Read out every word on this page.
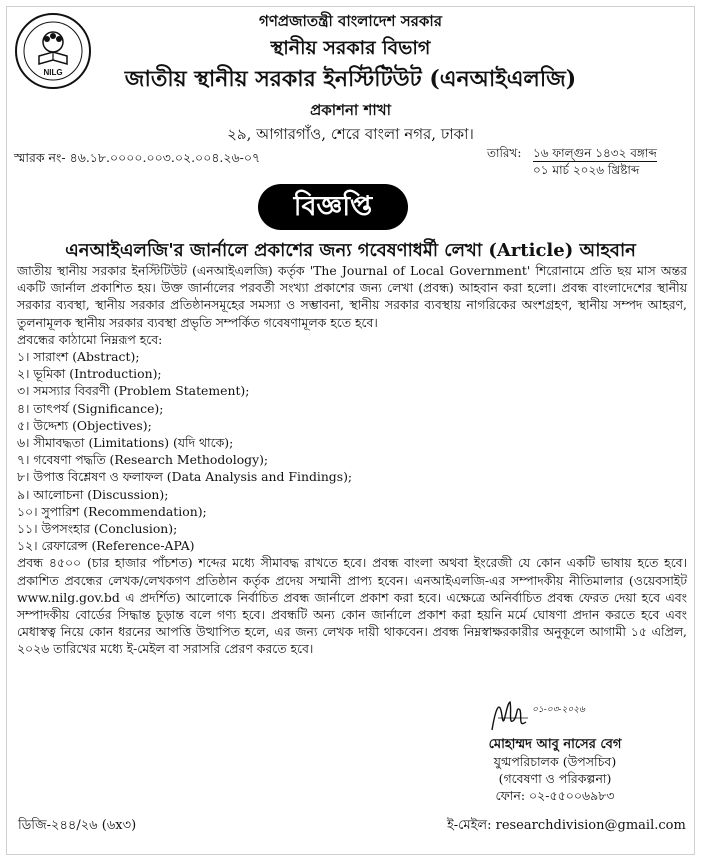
NILG
গণপ্রজাতন্ত্রী বাংলাদেশ সরকার
স্থানীয় সরকার বিভাগ
জাতীয় স্থানীয় সরকার ইনস্টিটিউট (এনআইএলজি)
প্রকাশনা শাখা
২৯, আগারগাঁও, শেরে বাংলা নগর, ঢাকা।
স্মারক নং- ৪৬.১৮.০০০০.০০৩.০২.০০৪.২৬-০৭	তারিখ: ১৬ ফাল্গুন ১৪৩২ বঙ্গাব্দ
০১ মার্চ ২০২৬ খ্রিষ্টাব্দ
বিজ্ঞপ্তি
এনআইএলজি'র জার্নালে প্রকাশের জন্য গবেষণাধর্মী লেখা (Article) আহবান

জাতীয় স্থানীয় সরকার ইনস্টিটিউট (এনআইএলজি) কর্তৃক 'The Journal of Local Government' শিরোনামে প্রতি ছয় মাস অন্তর একটি জার্নাল প্রকাশিত হয়। উক্ত জার্নালের পরবর্তী সংখ্যা প্রকাশের জন্য লেখা (প্রবন্ধ) আহবান করা হলো। প্রবন্ধ বাংলাদেশের স্থানীয় সরকার ব্যবস্থা, স্থানীয় সরকার প্রতিষ্ঠানসমূহের সমস্যা ও সম্ভাবনা, স্থানীয় সরকার ব্যবস্থায় নাগরিকের অংশগ্রহণ, স্থানীয় সম্পদ আহরণ, তুলনামূলক স্থানীয় সরকার ব্যবস্থা প্রভৃতি সম্পর্কিত গবেষণামূলক হতে হবে।

প্রবন্ধের কাঠামো নিম্নরূপ হবে:

১। সারাংশ (Abstract);
২। ভূমিকা (Introduction);
৩। সমস্যার বিবরণী (Problem Statement);
৪। তাৎপর্য (Significance);
৫। উদ্দেশ্য (Objectives);
৬। সীমাবদ্ধতা (Limitations) (যদি থাকে);
৭। গবেষণা পদ্ধতি (Research Methodology);
৮। উপাত্ত বিশ্লেষণ ও ফলাফল (Data Analysis and Findings);
৯। আলোচনা (Discussion);
১০। সুপারিশ (Recommendation);
১১। উপসংহার (Conclusion);
১২। রেফারেন্স (Reference-APA)

প্রবন্ধ ৪৫০০ (চার হাজার পাঁচশত) শব্দের মধ্যে সীমাবদ্ধ রাখতে হবে। প্রবন্ধ বাংলা অথবা ইংরেজী যে কোন একটি ভাষায় হতে হবে। প্রকাশিত প্রবন্ধের লেখক/লেখকগণ প্রতিষ্ঠান কর্তৃক প্রদেয় সম্মানী প্রাপ্য হবেন। এনআইএলজি-এর সম্পাদকীয় নীতিমালার (ওয়েবসাইট www.nilg.gov.bd এ প্রদর্শিত) আলোকে নির্বাচিত প্রবন্ধ জার্নালে প্রকাশ করা হবে। এক্ষেত্রে অনির্বাচিত প্রবন্ধ ফেরত দেয়া হবে এবং সম্পাদকীয় বোর্ডের সিদ্ধান্ত চূড়ান্ত বলে গণ্য হবে। প্রবন্ধটি অন্য কোন জার্নালে প্রকাশ করা হয়নি মর্মে ঘোষণা প্রদান করতে হবে এবং মেধাস্বত্ব নিয়ে কোন ধরনের আপত্তি উত্থাপিত হলে, এর জন্য লেখক দায়ী থাকবেন। প্রবন্ধ নিম্নস্বাক্ষরকারীর অনুকূলে আগামী ১৫ এপ্রিল, ২০২৬ তারিখের মধ্যে ই-মেইল বা সরাসরি প্রেরণ করতে হবে।

০১-০৩-২০২৬
মোহাম্মদ আবু নাসের বেগ
যুগ্মপরিচালক (উপসচিব)
(গবেষণা ও পরিকল্পনা)
ফোন: ০২-৫৫০০৬৯৮৩
ডিজি-২৪৪/২৬ (৬x৩)	ই-মেইল: researchdivision@gmail.com
